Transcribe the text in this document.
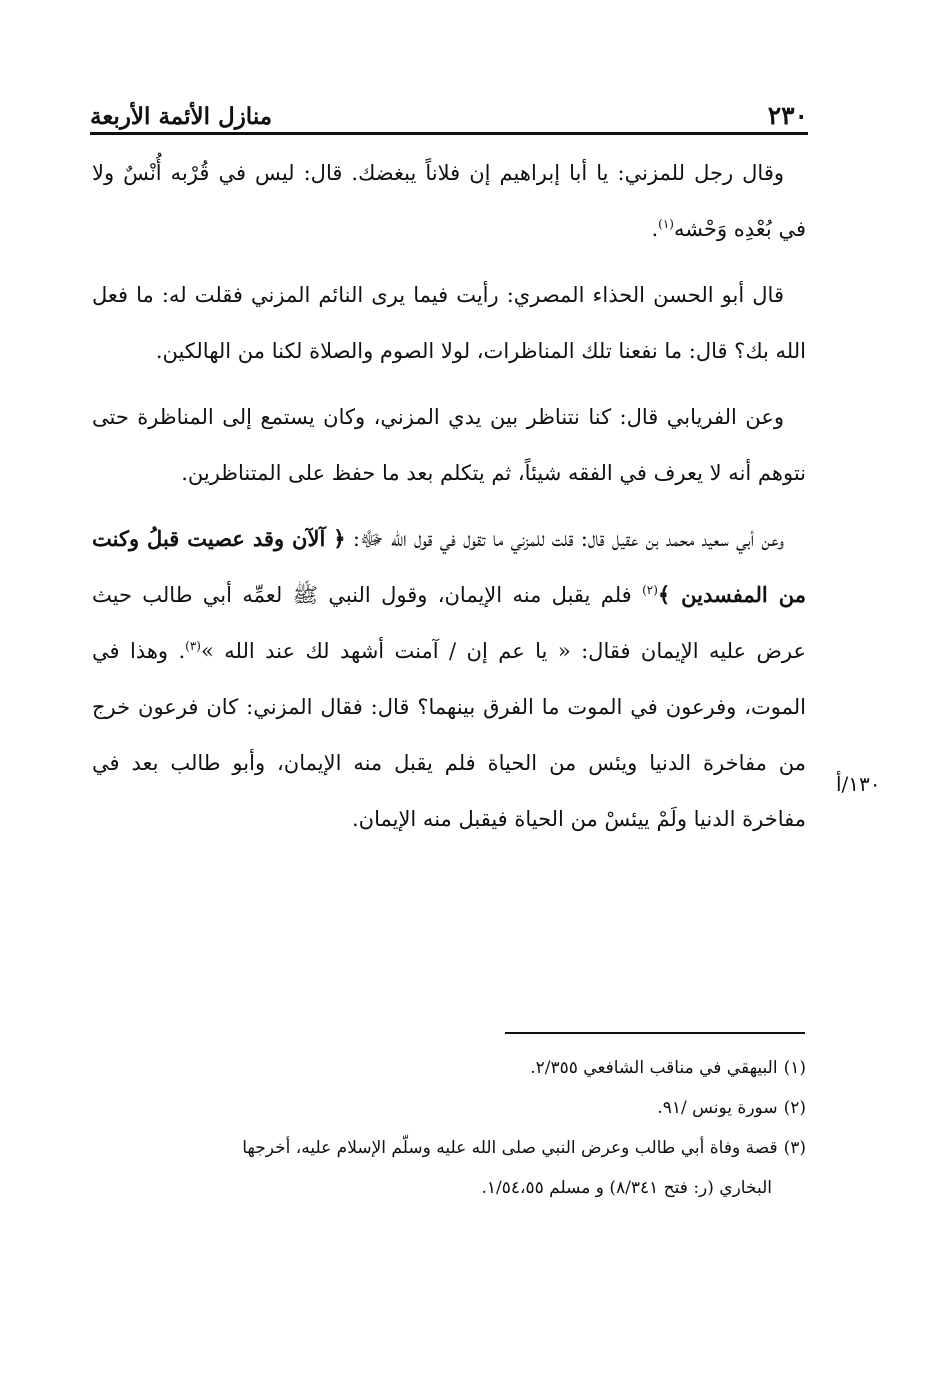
٢٣٠
منازل الأئمة الأربعة

وقال رجل للمزني: يا أبا إبراهيم إن فلاناً يبغضك. قال: ليس في قُرْبه أُنْسٌ ولا في بُعْدِه وَحْشه$^{(١)}$.

قال أبو الحسن الحذاء المصري: رأيت فيما يرى النائم المزني فقلت له: ما فعل الله بك؟ قال: ما نفعنا تلك المناظرات، لولا الصوم والصلاة لكنا من الهالكين.

وعن الفريابي قال: كنا نتناظر بين يدي المزني، وكان يستمع إلى المناظرة حتى نتوهم أنه لا يعرف في الفقه شيئاً، ثم يتكلم بعد ما حفظ على المتناظرين.

وعن أبي سعيد محمد بن عقيل قال: قلت للمزني ما تقول في قول الله ﷻ: ﴿ آلآن وقد عصيت قبلُ وكنت من المفسدين ﴾$^{(٢)}$ فلم يقبل منه الإيمان، وقول النبي ﷺ لعمِّه أبي طالب حيث عرض عليه الإيمان فقال: « يا عم إن / آمنت أشهد لك عند الله »$^{(٣)}$. وهذا في الموت، وفرعون في الموت ما الفرق بينهما؟ قال: فقال المزني: كان فرعون خرج من مفاخرة الدنيا ويئس من الحياة فلم يقبل منه الإيمان، وأبو طالب بعد في مفاخرة الدنيا ولَمْ ييئسْ من الحياة فيقبل منه الإيمان.

١٣٠/أ

(١)البيهقي في مناقب الشافعي ٢/٣٥٥.

(٢)سورة يونس /٩١.

(٣)قصة وفاة أبي طالب وعرض النبي صلى الله عليه وسلّم الإسلام عليه، أخرجها

البخاري (ر: فتح ٨/٣٤١) و مسلم ١/٥٤،٥٥.
